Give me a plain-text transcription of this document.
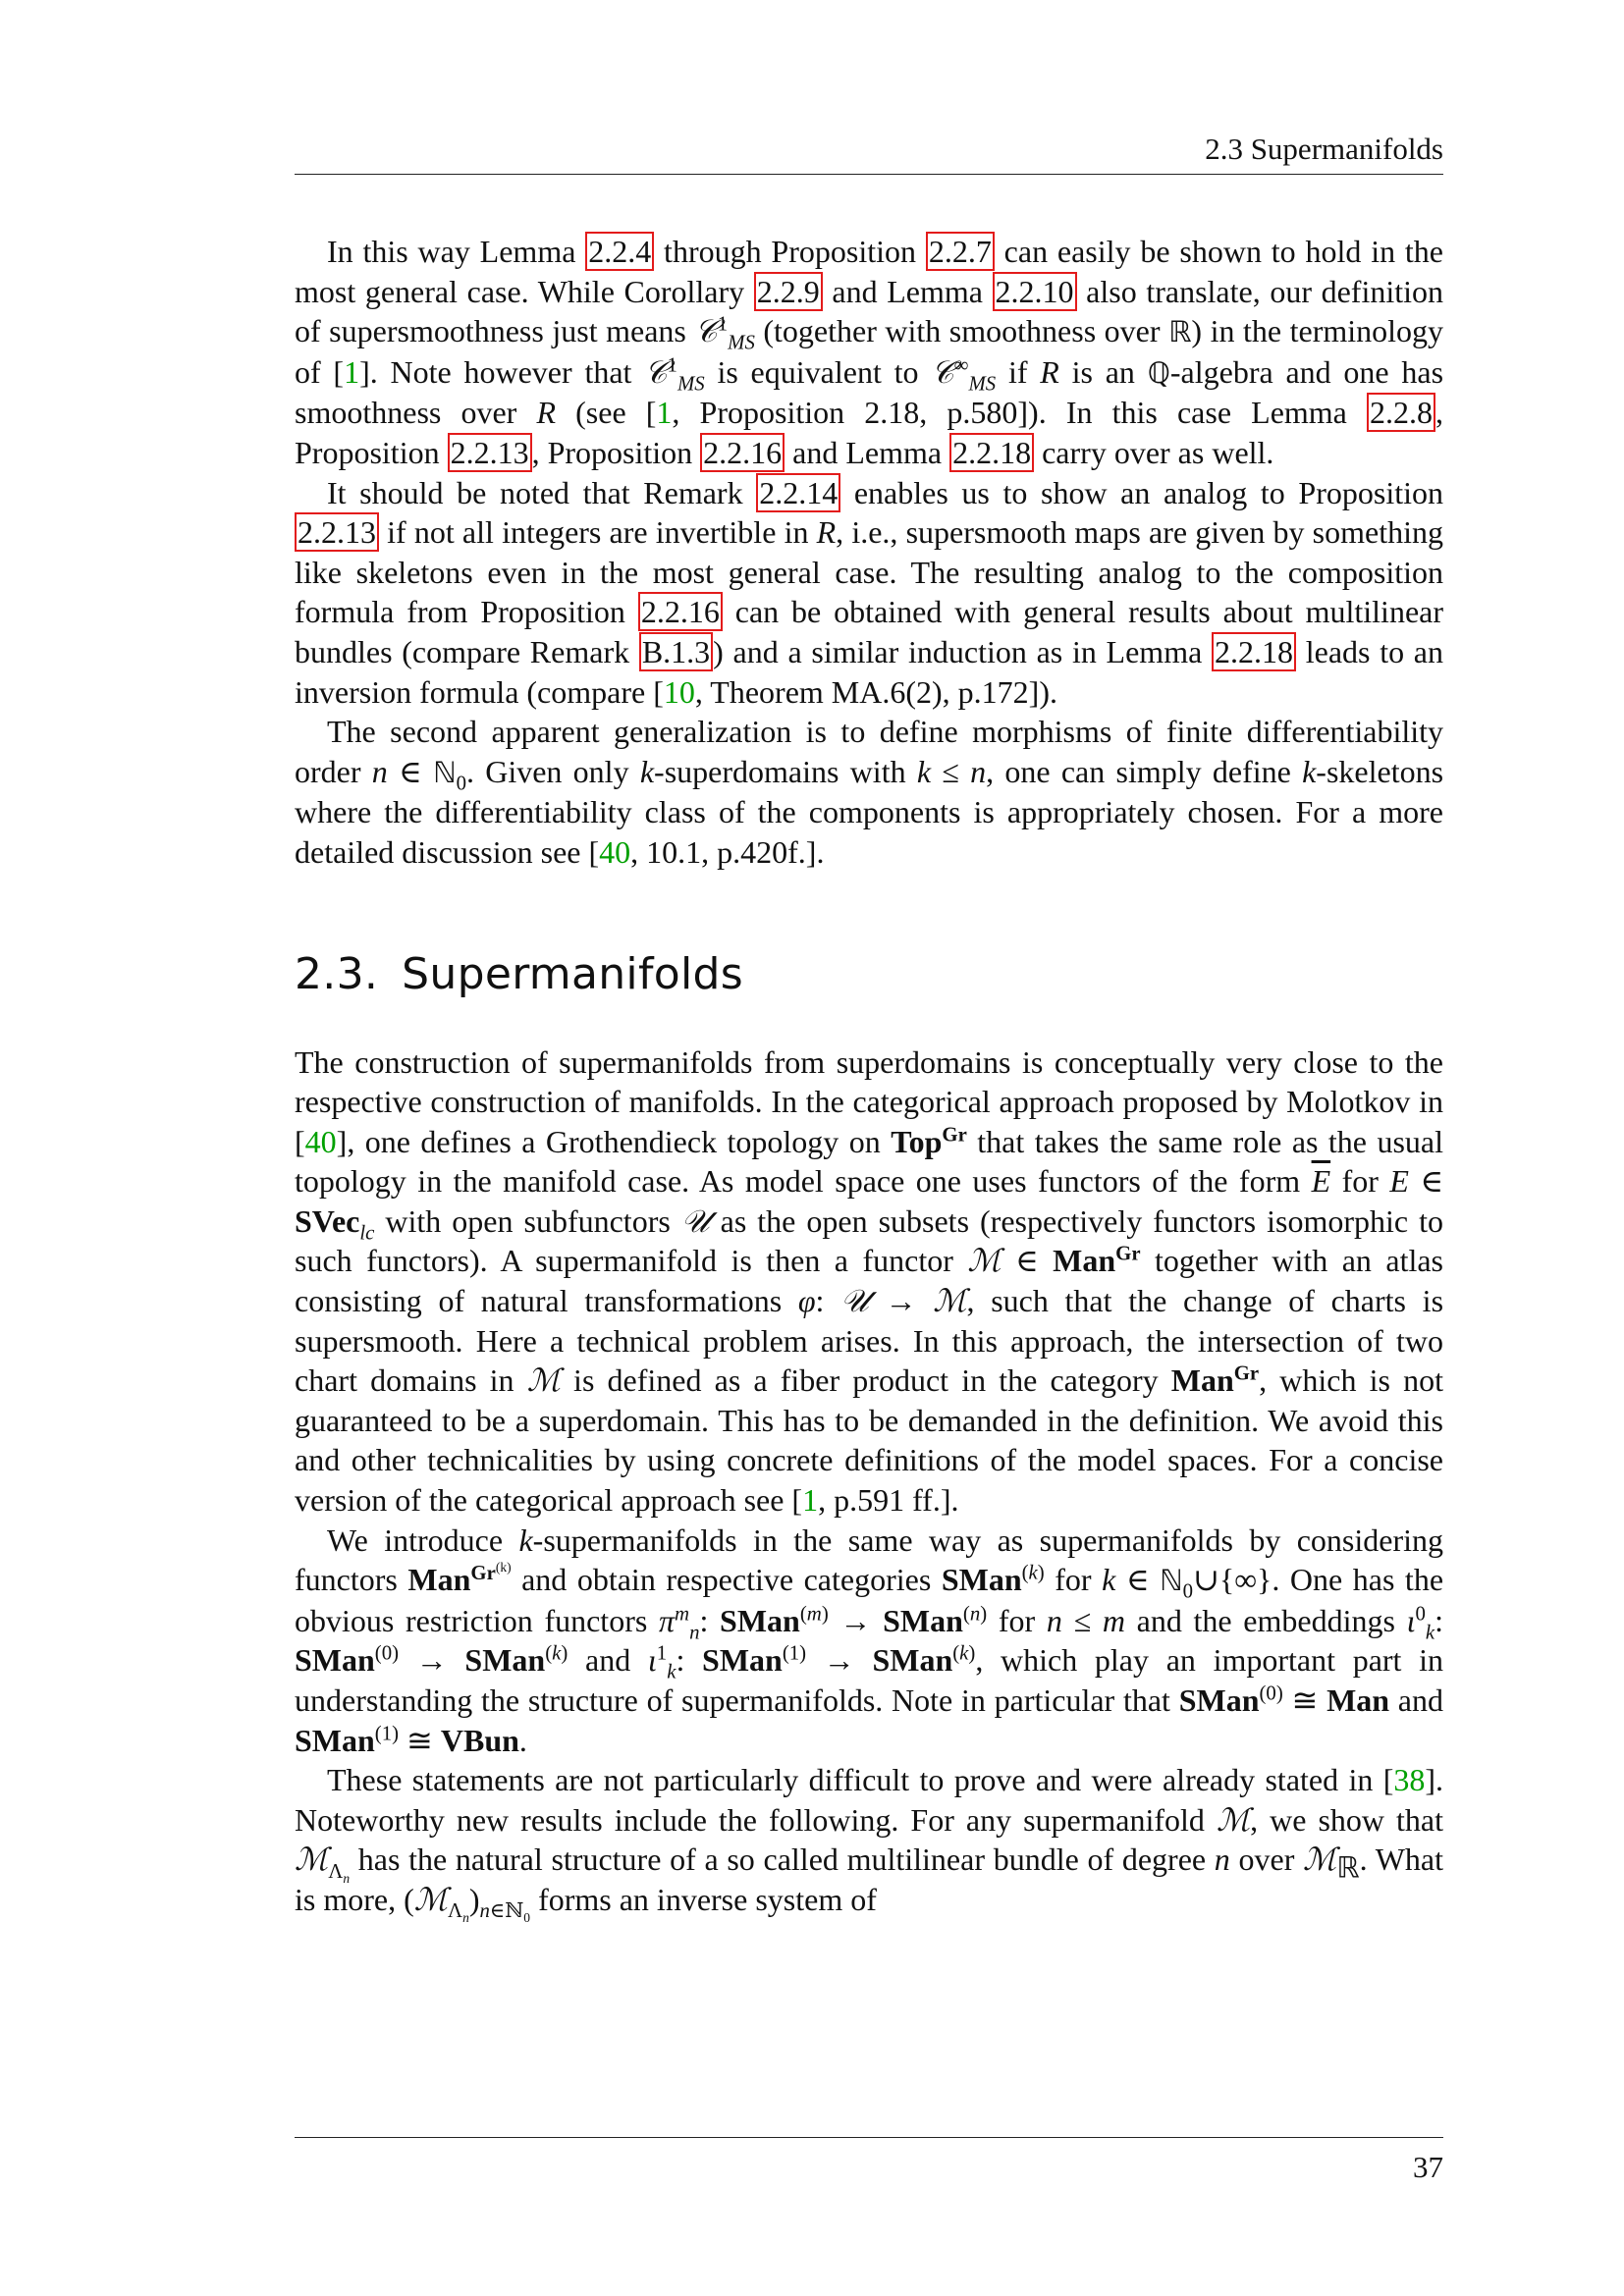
2.3 Supermanifolds

In this way Lemma 2.2.4 through Proposition 2.2.7 can easily be shown to hold in the most general case. While Corollary 2.2.9 and Lemma 2.2.10 also translate, our definition of supersmoothness just means 𝒞$^1_{MS}$ (together with smoothness over ℝ) in the terminology of [1]. Note however that 𝒞$^1_{MS}$ is equivalent to 𝒞∞$_{MS}$ if R is an ℚ-algebra and one has smoothness over R (see [1, Proposition 2.18, p.580]). In this case Lemma 2.2.8, Proposition 2.2.13, Proposition 2.2.16 and Lemma 2.2.18 carry over as well.

It should be noted that Remark 2.2.14 enables us to show an analog to Proposition 2.2.13 if not all integers are invertible in R, i.e., supersmooth maps are given by something like skeletons even in the most general case. The resulting analog to the composition formula from Proposition 2.2.16 can be obtained with general results about multilinear bundles (compare Remark B.1.3) and a similar induction as in Lemma 2.2.18 leads to an inversion formula (compare [10, Theorem MA.6(2), p.172]).

The second apparent generalization is to define morphisms of finite differentiability order n ∈ ℕ$_0$. Given only k-superdomains with k ≤ n, one can simply define k-skeletons where the differentiability class of the components is appropriately chosen. For a more detailed discussion see [40, 10.1, p.420f.].

2.3. Supermanifolds

The construction of supermanifolds from superdomains is conceptually very close to the respective construction of manifolds. In the categorical approach proposed by Molotkov in [40], one defines a Grothendieck topology on Top$^{Gr}$ that takes the same role as the usual topology in the manifold case. As model space one uses functors of the form $\overline{E}$ for E ∈ SVec$_{lc}$ with open subfunctors 𝒰 as the open subsets (respectively functors isomorphic to such functors). A supermanifold is then a functor ℳ ∈ Man$^{Gr}$ together with an atlas consisting of natural transformations φ: 𝒰 → ℳ, such that the change of charts is supersmooth. Here a technical problem arises. In this approach, the intersection of two chart domains in ℳ is defined as a fiber product in the category Man$^{Gr}$, which is not guaranteed to be a superdomain. This has to be demanded in the definition. We avoid this and other technicalities by using concrete definitions of the model spaces. For a concise version of the categorical approach see [1, p.591 ff.].

We introduce k-supermanifolds in the same way as supermanifolds by considering functors Man$^{Gr^{(k)}}$ and obtain respective categories SMan$^{(k)}$ for k ∈ ℕ$_0$∪{∞}. One has the obvious restriction functors $\pi^m_n$: SMan$^{(m)}$ → SMan$^{(n)}$ for n ≤ m and the embeddings $\iota^0_k$: SMan$^{(0)}$ → SMan$^{(k)}$ and $\iota^1_k$: SMan$^{(1)}$ → SMan$^{(k)}$, which play an important part in understanding the structure of supermanifolds. Note in particular that SMan$^{(0)}$ ≅ Man and SMan$^{(1)}$ ≅ VBun.

These statements are not particularly difficult to prove and were already stated in [38]. Noteworthy new results include the following. For any supermanifold ℳ, we show that ℳ$_{\Lambda_n}$ has the natural structure of a so called multilinear bundle of degree n over ℳ$_ℝ$. What is more, $(ℳ_{\Lambda_n})_{n\in ℕ_0}$ forms an inverse system of

37
